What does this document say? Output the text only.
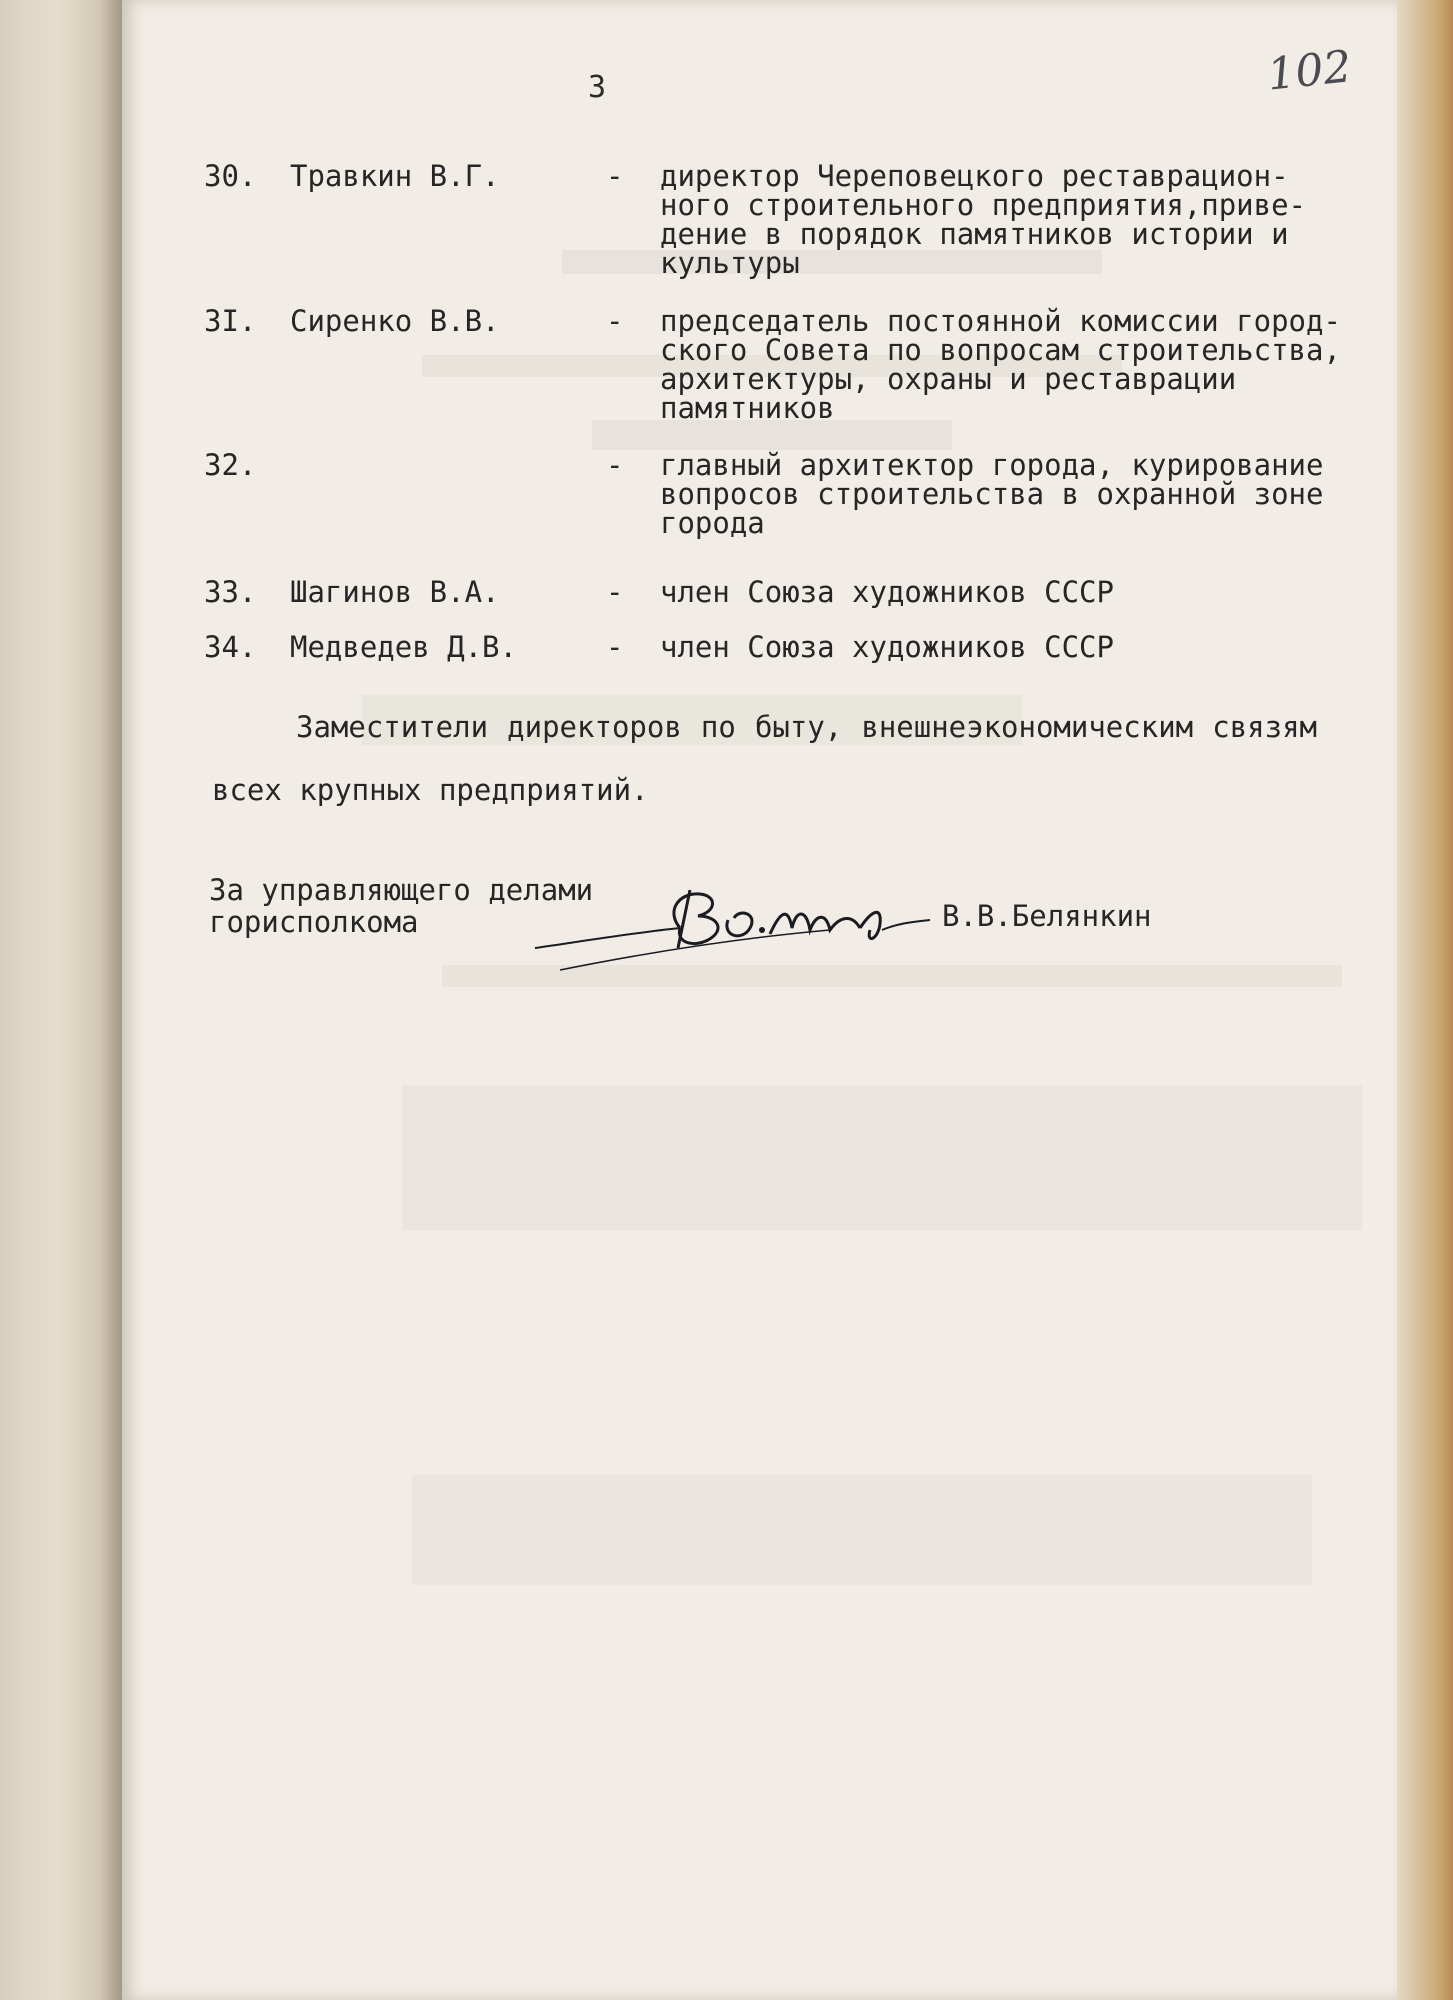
3	102
30. Травкин В.Г.	- директор Череповецкого реставрацион-
ного строительного предприятия,приве-
дение в порядок памятников истории и
культуры
3I. Сиренко В.В.	- председатель постоянной комиссии город-
ского Совета по вопросам строительства,
архитектуры, охраны и реставрации
памятников
32.	- главный архитектор города, курирование
вопросов строительства в охранной зоне
города
33. Шагинов В.А.	- член Союза художников СССР
34. Медведев Д.В.	- член Союза художников СССР
Заместители директоров по быту, внешнеэкономическим связям всех крупных предприятий.
За управляющего делами
горисполкома	В.В.Белянкин
